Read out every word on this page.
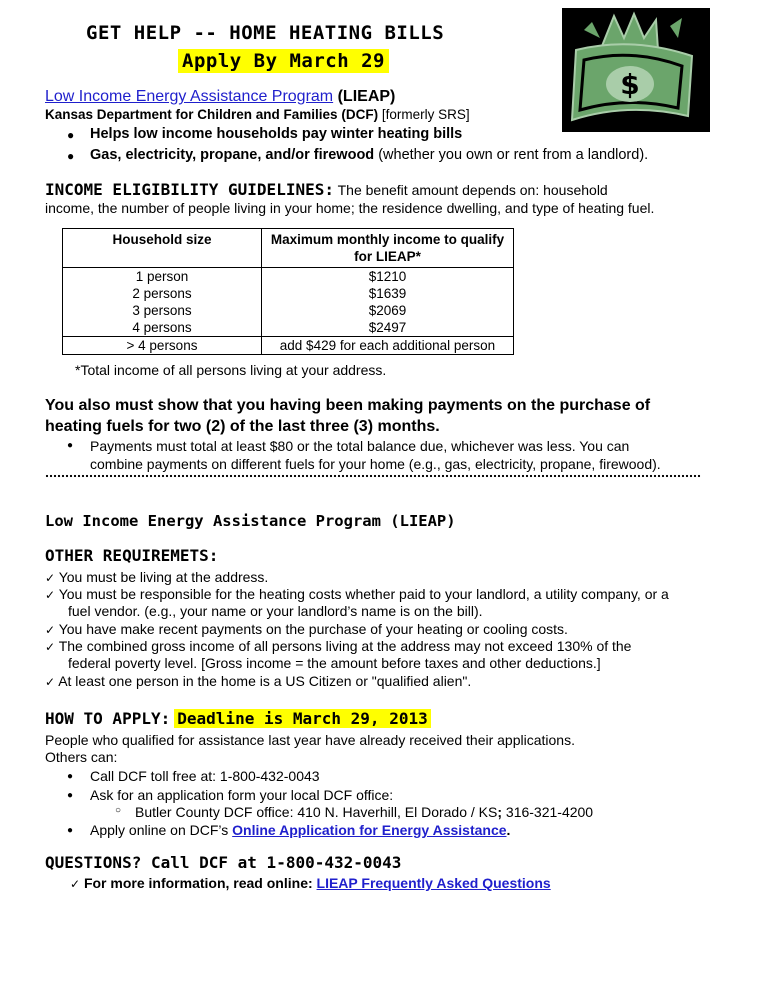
GET HELP -- HOME HEATING BILLS
Apply By March 29
$
Low Income Energy Assistance Program (LIEAP)
Kansas Department for Children and Families (DCF) [formerly SRS]
● Helps low income households pay winter heating bills
● Gas, electricity, propane, and/or firewood (whether you own or rent from a landlord).
INCOME ELIGIBILITY GUIDELINES: The benefit amount depends on: household
income, the number of people living in your home; the residence dwelling, and type of heating fuel.
Household size	Maximum monthly income to qualify for LIEAP*
1 person	$1210
2 persons	$1639
3 persons	$2069
4 persons	$2497
> 4 persons	add $429 for each additional person
*Total income of all persons living at your address.
You also must show that you having been making payments on the purchase of
heating fuels for two (2) of the last three (3) months.
● Payments must total at least $80 or the total balance due, whichever was less. You can
combine payments on different fuels for your home (e.g., gas, electricity, propane, firewood).
Low Income Energy Assistance Program (LIEAP)
OTHER REQUIREMETS:
✓ You must be living at the address.
✓ You must be responsible for the heating costs whether paid to your landlord, a utility company, or a
fuel vendor. (e.g., your name or your landlord’s name is on the bill).
✓ You have make recent payments on the purchase of your heating or cooling costs.
✓ The combined gross income of all persons living at the address may not exceed 130% of the
federal poverty level. [Gross income = the amount before taxes and other deductions.]
✓ At least one person in the home is a US Citizen or "qualified alien".
HOW TO APPLY: Deadline is March 29, 2013
People who qualified for assistance last year have already received their applications.
Others can:
● Call DCF toll free at: 1-800-432-0043
● Ask for an application form your local DCF office:
○ Butler County DCF office: 410 N. Haverhill, El Dorado / KS; 316-321-4200
● Apply online on DCF’s Online Application for Energy Assistance.
QUESTIONS? Call DCF at 1-800-432-0043
✓ For more information, read online: LIEAP Frequently Asked Questions
